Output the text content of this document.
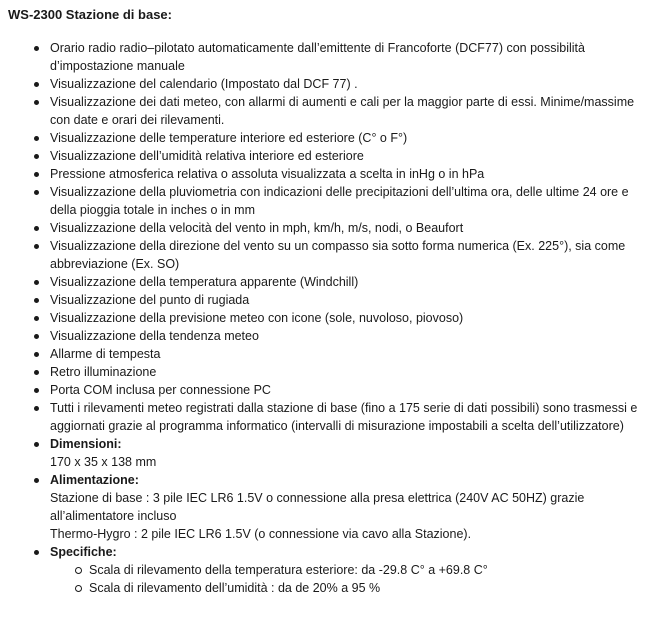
WS-2300 Stazione di base:
Orario radio radio–pilotato automaticamente dall’emittente di Francoforte (DCF77) con possibilità d’impostazione manuale
Visualizzazione del calendario (Impostato dal DCF 77) .
Visualizzazione dei dati meteo, con allarmi di aumenti e cali per la maggior parte di essi. Minime/massime con date e orari dei rilevamenti.
Visualizzazione delle temperature interiore ed esteriore (C° o F°)
Visualizzazione dell’umidità relativa interiore ed esteriore
Pressione atmosferica relativa o assoluta visualizzata a scelta in inHg o in hPa
Visualizzazione della pluviometria con indicazioni delle precipitazioni dell’ultima ora, delle ultime 24 ore e della pioggia totale in inches o in mm
Visualizzazione della velocità del vento in mph, km/h, m/s, nodi, o Beaufort
Visualizzazione della direzione del vento su un compasso sia sotto forma numerica (Ex. 225°), sia come abbreviazione (Ex. SO)
Visualizzazione della temperatura apparente (Windchill)
Visualizzazione del punto di rugiada
Visualizzazione della previsione meteo con icone (sole, nuvoloso, piovoso)
Visualizzazione della tendenza meteo
Allarme di tempesta
Retro illuminazione
Porta COM inclusa per connessione PC
Tutti i rilevamenti meteo registrati dalla stazione di base (fino a 175 serie di dati possibili) sono trasmessi e aggiornati grazie al programma informatico (intervalli di misurazione impostabili a scelta dell’utilizzatore)
Dimensioni:
170 x 35 x 138 mm
Alimentazione:
Stazione di base : 3 pile IEC LR6 1.5V o connessione alla presa elettrica (240V AC 50HZ) grazie all’alimentatore incluso
Thermo-Hygro : 2 pile IEC LR6 1.5V (o connessione via cavo alla Stazione).
Specifiche:
Scala di rilevamento della temperatura esteriore: da -29.8 C° a +69.8 C°
Scala di rilevamento dell’umidità : da de 20% a 95 %
